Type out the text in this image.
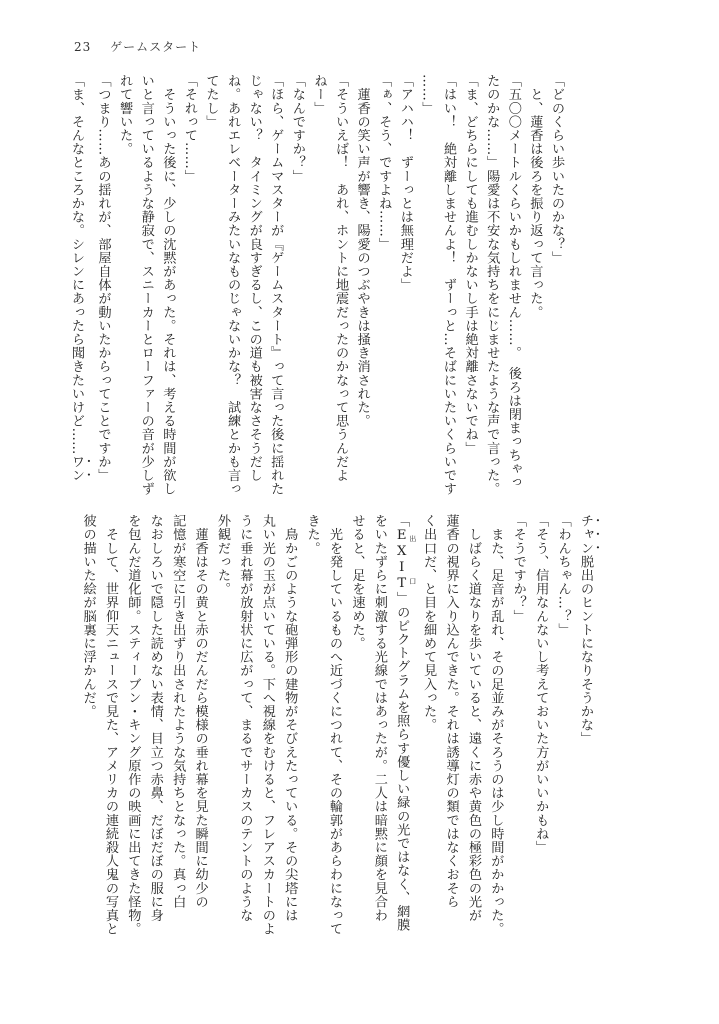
23 ゲームスタート
「どのくらい歩いたのかな？」
　と、蓮香は後ろを振り返って言った。
「五〇〇メートルくらいかもしれません……。　後ろは閉まっちゃっ
たのかな……」陽愛は不安な気持ちをにじませたような声で言った。
「ま、どちらにしても進むしかないし手は絶対離さないでね」
「はい！　絶対離しませんよ！　ずーっと…そばにいたいくらいです
……」
「アハハ！　ずーっとは無理だよ」
「ぁ、そう、ですよね……」
　蓮香の笑い声が響き、陽愛のつぶやきは掻き消された。
「そういえば！　あれ、ホントに地震だったのかなって思うんだよ
ねー」
「なんですか？」
「ほら、ゲームマスターが『ゲームスタート』って言った後に揺れた
じゃない？　タイミングが良すぎるし、この道も被害なさそうだし
ね。あれエレベーターみたいなものじゃないかな？　試練とかも言っ
てたし」
「それって……」
　そういった後に、少しの沈黙があった。それは、考える時間が欲し
いと言っているような静寂で、スニーカーとローファーの音が少しず
れて響いた。
「つまり……あの揺れが、部屋自体が動いたからってことですか」
「ま、そんなところかな。シレンにあったら聞きたいけど……ワン
チャン脱出のヒントになりそうかな」
「わんちゃん…？」
「そう、信用なんないし考えておいた方がいいかもね」
「そうですか？」
　また、足音が乱れ、その足並みがそろうのは少し時間がかかった。
　しばらく道なりを歩いていると、遠くに赤や黄色の極彩色の光が
蓮香の視界に入り込んできた。それは誘導灯の類ではなくおそら
く出口だ、と目を細めて見入った。
「EXIT 出口」のピクトグラムを照らす優しい緑の光ではなく、網膜
をいたずらに刺激する光線ではあったが。二人は暗黙に顔を見合わ
せると、足を速めた。
　光を発しているものへ近づくにつれて、その輪郭があらわになって
きた。
　鳥かごのような砲弾形の建物がそびえたっている。その尖塔には
丸い光の玉が点いている。下へ視線をむけると、フレアスカートのよ
うに垂れ幕が放射状に広がって、まるでサーカスのテントのような
外観だった。
　蓮香はその黄と赤のだんだら模様の垂れ幕を見た瞬間に幼少の
記憶が寒空に引き出ずり出されたような気持ちとなった。真っ白
なおしろいで隠した読めない表情、目立つ赤鼻、だぼだぼの服に身
を包んだ道化師。スティーブン・キング原作の映画に出てきた怪物。
　そして、世界仰天ニュースで見た、アメリカの連続殺人鬼の写真と
彼の描いた絵が脳裏に浮かんだ。
